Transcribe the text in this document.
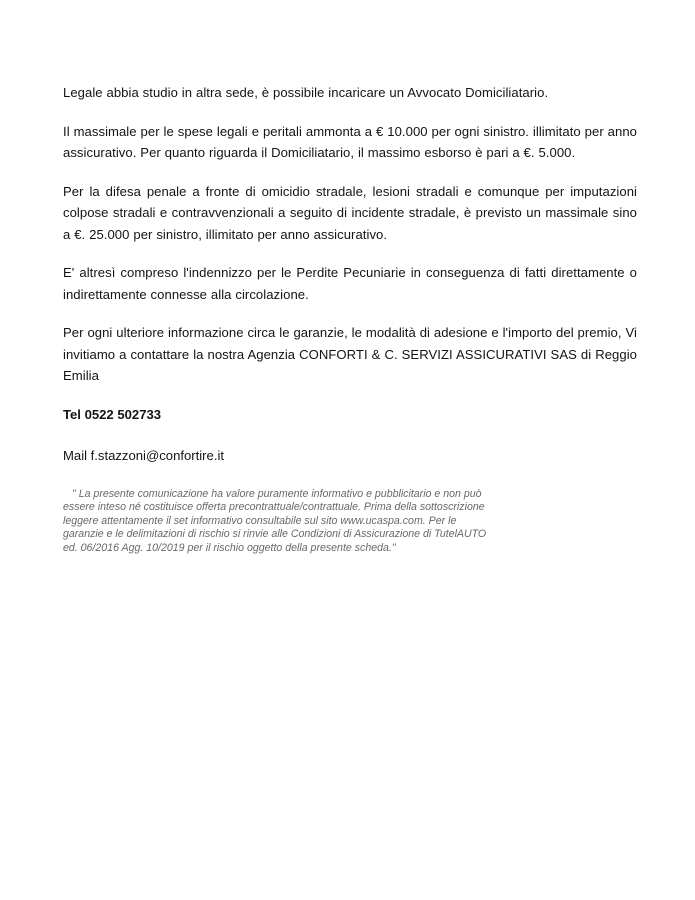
Legale abbia studio in altra sede, è possibile incaricare un Avvocato Domiciliatario.

Il massimale per le spese legali e peritali ammonta a € 10.000 per ogni sinistro. illimitato per anno assicurativo. Per quanto riguarda il Domiciliatario, il massimo esborso è pari a €. 5.000.

Per la difesa penale a fronte di omicidio stradale, lesioni stradali e comunque per imputazioni colpose stradali e contravvenzionali a seguito di incidente stradale, è previsto un massimale sino a €. 25.000 per sinistro, illimitato per anno assicurativo.

E' altresì compreso l'indennizzo per le Perdite Pecuniarie in conseguenza di fatti direttamente o indirettamente connesse alla circolazione.

Per ogni ulteriore informazione circa le garanzie, le modalità di adesione e l'importo del premio, Vi invitiamo a contattare la nostra Agenzia CONFORTI & C. SERVIZI ASSICURATIVI SAS di Reggio Emilia

Tel 0522 502733

Mail f.stazzoni@confortire.it

" La presente comunicazione ha valore puramente informativo e pubblicitario e non può
essere inteso né costituisce offerta precontrattuale/contrattuale. Prima della sottoscrizione
leggere attentamente il set informativo consultabile sul sito www.ucaspa.com. Per le
garanzie e le delimitazioni di rischio si rinvie alle Condizioni di Assicurazione di TutelAUTO
ed. 06/2016 Agg. 10/2019 per il rischio oggetto della presente scheda."
